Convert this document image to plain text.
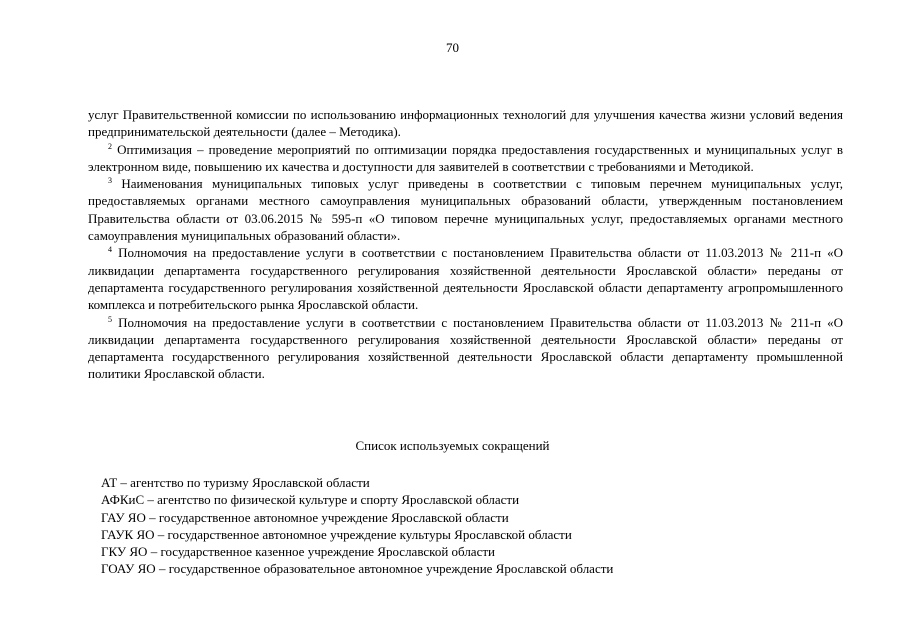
70

услуг Правительственной комиссии по использованию информационных технологий для улучшения качества жизни условий ведения предпринимательской деятельности (далее – Методика).

$^2$ Оптимизация – проведение мероприятий по оптимизации порядка предоставления государственных и муниципальных услуг в электронном виде, повышению их качества и доступности для заявителей в соответствии с требованиями и Методикой.

$^3$ Наименования муниципальных типовых услуг приведены в соответствии с типовым перечнем муниципальных услуг, предоставляемых органами местного самоуправления муниципальных образований области, утвержденным постановлением Правительства области от 03.06.2015 № 595-п «О типовом перечне муниципальных услуг, предоставляемых органами местного самоуправления муниципальных образований области».

$^4$ Полномочия на предоставление услуги в соответствии с постановлением Правительства области от 11.03.2013 № 211-п «О ликвидации департамента государственного регулирования хозяйственной деятельности Ярославской области» переданы от департамента государственного регулирования хозяйственной деятельности Ярославской области департаменту агропромышленного комплекса и потребительского рынка Ярославской области.

$^5$ Полномочия на предоставление услуги в соответствии с постановлением Правительства области от 11.03.2013 № 211-п «О ликвидации департамента государственного регулирования хозяйственной деятельности Ярославской области» переданы от департамента государственного регулирования хозяйственной деятельности Ярославской области департаменту промышленной политики Ярославской области.

Список используемых сокращений
АТ – агентство по туризму Ярославской области
АФКиС – агентство по физической культуре и спорту Ярославской области
ГАУ ЯО – государственное автономное учреждение Ярославской области
ГАУК ЯО – государственное автономное учреждение культуры Ярославской области
ГКУ ЯО – государственное казенное учреждение Ярославской области
ГОАУ ЯО – государственное образовательное автономное учреждение Ярославской области
